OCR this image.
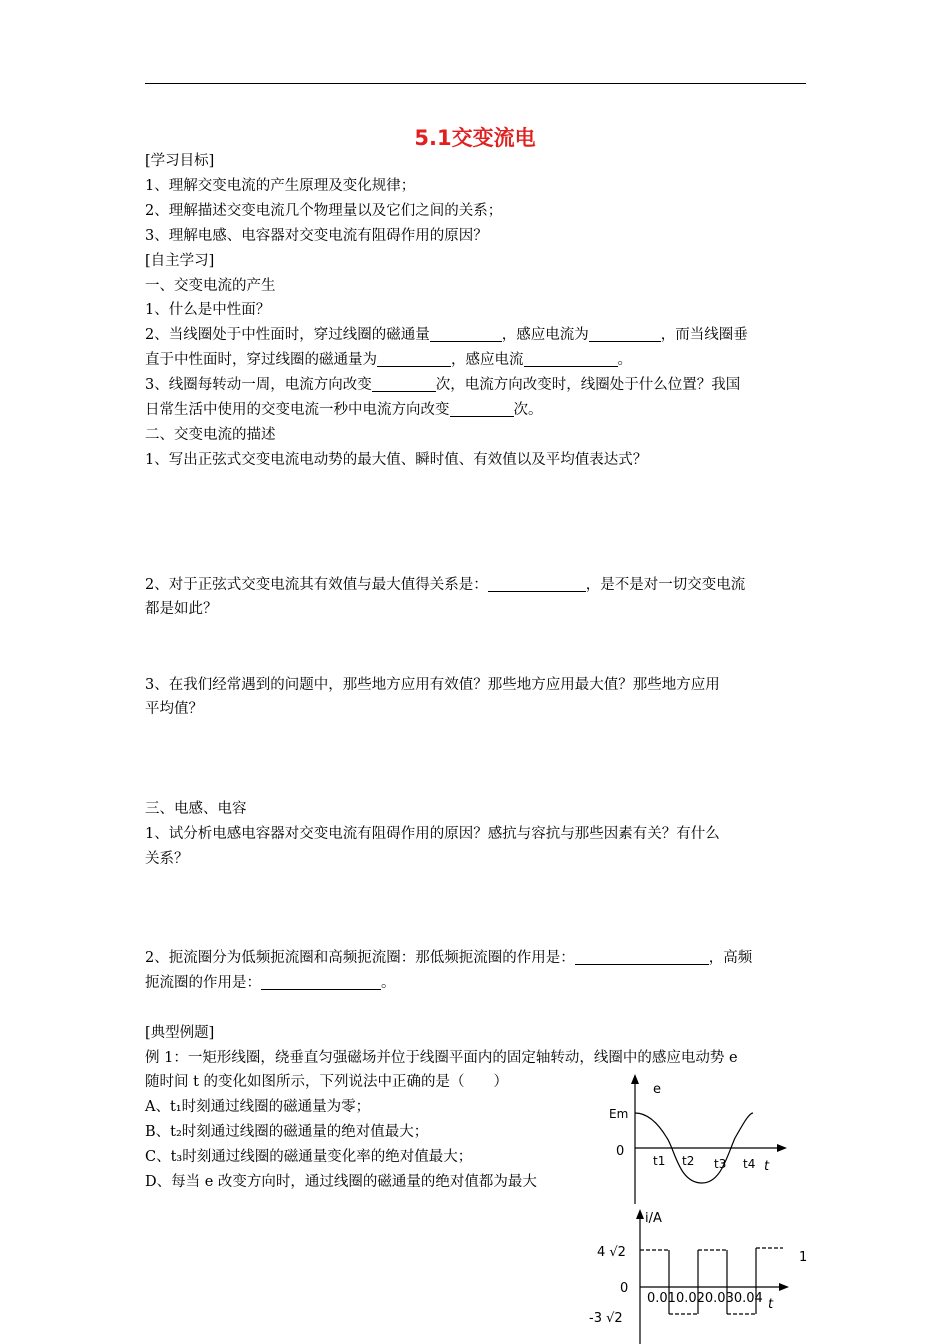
5.1交变流电
[学习目标]
1、理解交变电流的产生原理及变化规律；
2、理解描述交变电流几个物理量以及它们之间的关系；
3、理解电感、电容器对交变电流有阻碍作用的原因？
[自主学习]
一、交变电流的产生
1、什么是中性面？
2、当线圈处于中性面时，穿过线圈的磁通量	，感应电流为	，而当线圈垂
直于中性面时，穿过线圈的磁通量为	，感应电流	。
3、线圈每转动一周，电流方向改变	次，电流方向改变时，线圈处于什么位置？我国
日常生活中使用的交变电流一秒中电流方向改变	次。
二、交变电流的描述
1、写出正弦式交变电流电动势的最大值、瞬时值、有效值以及平均值表达式？
2、对于正弦式交变电流其有效值与最大值得关系是：	，是不是对一切交变电流
都是如此？
3、在我们经常遇到的问题中，那些地方应用有效值？那些地方应用最大值？那些地方应用
平均值？
三、电感、电容
1、试分析电感电容器对交变电流有阻碍作用的原因？感抗与容抗与那些因素有关？有什么
关系？
2、扼流圈分为低频扼流圈和高频扼流圈：那低频扼流圈的作用是：	，高频
扼流圈的作用是：	。
[典型例题]
例 1：一矩形线圈，绕垂直匀强磁场并位于线圈平面内的固定轴转动，线圈中的感应电动势 e
随时间 t 的变化如图所示，下列说法中正确的是（　　）
A、t₁时刻通过线圈的磁通量为零；
B、t₂时刻通过线圈的磁通量的绝对值最大；
C、t₃时刻通过线圈的磁通量变化率的绝对值最大；
D、每当 e 改变方向时，通过线圈的磁通量的绝对值都为最大
e
Em
0
t1 t2 t3 t4 t
i/A
4 √2
0
0.010.020.030.04 t
-3 √2
1
